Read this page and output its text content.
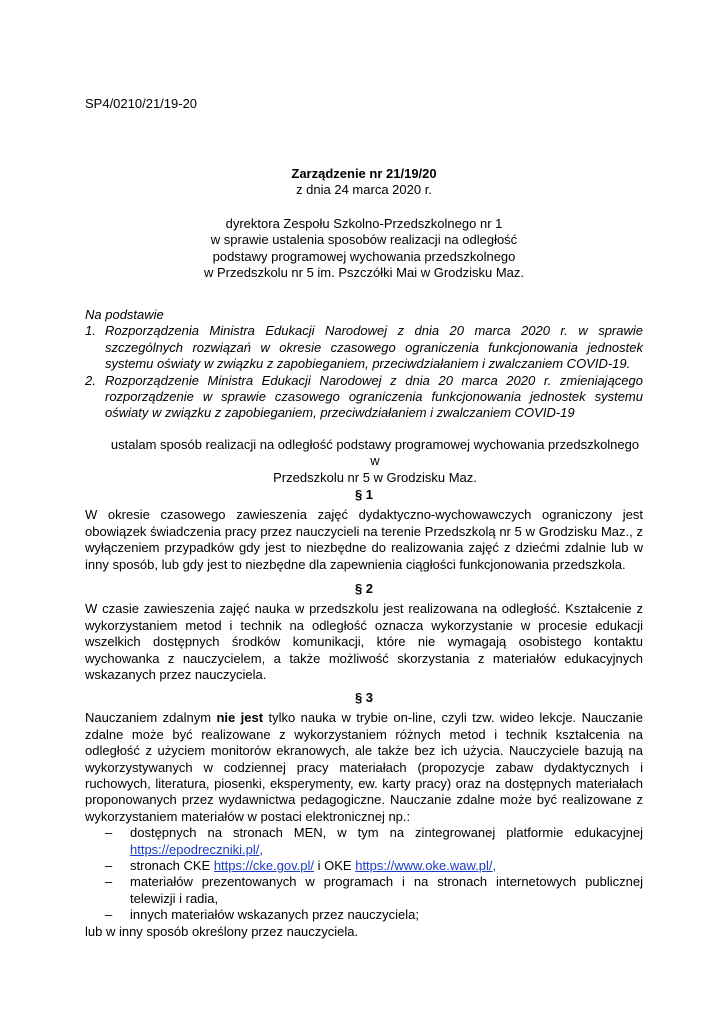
SP4/0210/21/19-20
Zarządzenie nr 21/19/20
z dnia 24 marca 2020 r.
dyrektora Zespołu Szkolno-Przedszkolnego nr 1
w sprawie ustalenia sposobów realizacji na odległość
podstawy programowej wychowania przedszkolnego
w Przedszkolu nr 5 im. Pszczółki Mai w Grodzisku Maz.
Na podstawie
1. Rozporządzenia Ministra Edukacji Narodowej z dnia 20 marca 2020 r. w sprawie szczególnych rozwiązań w okresie czasowego ograniczenia funkcjonowania jednostek systemu oświaty w związku z zapobieganiem, przeciwdziałaniem i zwalczaniem COVID-19.
2. Rozporządzenie Ministra Edukacji Narodowej z dnia 20 marca 2020 r. zmieniającego rozporządzenie w sprawie czasowego ograniczenia funkcjonowania jednostek systemu oświaty w związku z zapobieganiem, przeciwdziałaniem i zwalczaniem COVID-19
ustalam sposób realizacji na odległość podstawy programowej wychowania przedszkolnego w
Przedszkolu nr 5 w Grodzisku Maz.
§ 1

W okresie czasowego zawieszenia zajęć dydaktyczno-wychowawczych ograniczony jest obowiązek świadczenia pracy przez nauczycieli na terenie Przedszkolą nr 5 w Grodzisku Maz., z wyłączeniem przypadków gdy jest to niezbędne do realizowania zajęć z dziećmi zdalnie lub w inny sposób, lub gdy jest to niezbędne dla zapewnienia ciągłości funkcjonowania przedszkola.

§ 2

W czasie zawieszenia zajęć nauka w przedszkolu jest realizowana na odległość. Kształcenie z wykorzystaniem metod i technik na odległość oznacza wykorzystanie w procesie edukacji wszelkich dostępnych środków komunikacji, które nie wymagają osobistego kontaktu wychowanka z nauczycielem, a także możliwość skorzystania z materiałów edukacyjnych wskazanych przez nauczyciela.

§ 3

Nauczaniem zdalnym nie jest tylko nauka w trybie on-line, czyli tzw. wideo lekcje. Nauczanie zdalne może być realizowane z wykorzystaniem różnych metod i technik kształcenia na odległość z użyciem monitorów ekranowych, ale także bez ich użycia. Nauczyciele bazują na wykorzystywanych w codziennej pracy materiałach (propozycje zabaw dydaktycznych i ruchowych, literatura, piosenki, eksperymenty, ew. karty pracy) oraz na dostępnych materiałach proponowanych przez wydawnictwa pedagogiczne. Nauczanie zdalne może być realizowane z wykorzystaniem materiałów w postaci elektronicznej np.:

– dostępnych na stronach MEN, w tym na zintegrowanej platformie edukacyjnej https://epodreczniki.pl/,
– stronach CKE https://cke.gov.pl/ i OKE https://www.oke.waw.pl/,
– materiałów prezentowanych w programach i na stronach internetowych publicznej telewizji i radia,
– innych materiałów wskazanych przez nauczyciela;

lub w inny sposób określony przez nauczyciela.
